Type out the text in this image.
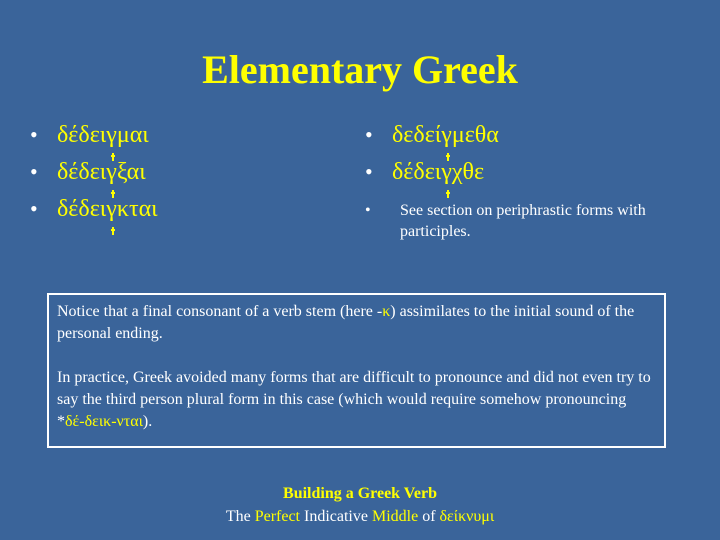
Elementary Greek
• δέδειγμαι
• δέδειγξαι
• δέδειγκται
• δεδείγμεθα
• δέδειγχθε
•	See section on periphrastic forms with participles.

Notice that a final consonant of a verb stem (here -κ) assimilates to the initial sound of the personal ending.

In practice, Greek avoided many forms that are difficult to pronounce and did not even try to say the third person plural form in this case (which would require somehow pronouncing *δέ-δεικ-νται).

Building a Greek Verb
The Perfect Indicative Middle of δείκνυμι
